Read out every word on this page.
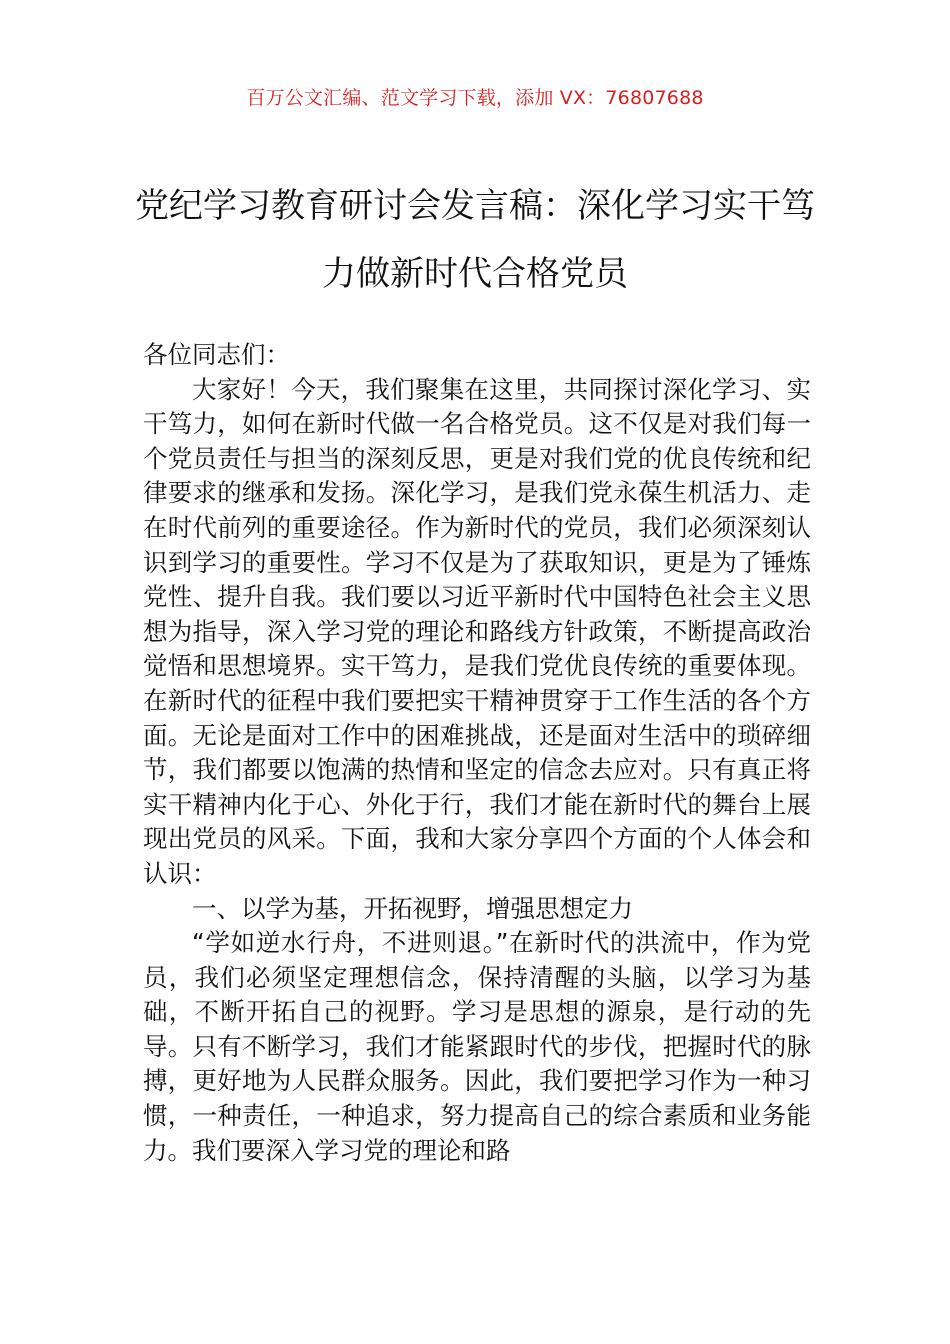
百万公文汇编、范文学习下载，添加 VX：76807688
党纪学习教育研讨会发言稿：深化学习实干笃力做新时代合格党员

各位同志们：

大家好！今天，我们聚集在这里，共同探讨深化学习、实干笃力，如何在新时代做一名合格党员。这不仅是对我们每一个党员责任与担当的深刻反思，更是对我们党的优良传统和纪律要求的继承和发扬。深化学习，是我们党永葆生机活力、走在时代前列的重要途径。作为新时代的党员，我们必须深刻认识到学习的重要性。学习不仅是为了获取知识，更是为了锤炼党性、提升自我。我们要以习近平新时代中国特色社会主义思想为指导，深入学习党的理论和路线方针政策，不断提高政治觉悟和思想境界。实干笃力，是我们党优良传统的重要体现。在新时代的征程中我们要把实干精神贯穿于工作生活的各个方面。无论是面对工作中的困难挑战，还是面对生活中的琐碎细节，我们都要以饱满的热情和坚定的信念去应对。只有真正将实干精神内化于心、外化于行，我们才能在新时代的舞台上展现出党员的风采。下面，我和大家分享四个方面的个人体会和认识：

一、以学为基，开拓视野，增强思想定力

“学如逆水行舟，不进则退。”在新时代的洪流中，作为党员，我们必须坚定理想信念，保持清醒的头脑，以学习为基础，不断开拓自己的视野。学习是思想的源泉，是行动的先导。只有不断学习，我们才能紧跟时代的步伐，把握时代的脉搏，更好地为人民群众服务。因此，我们要把学习作为一种习惯，一种责任，一种追求，努力提高自己的综合素质和业务能力。我们要深入学习党的理论和路
